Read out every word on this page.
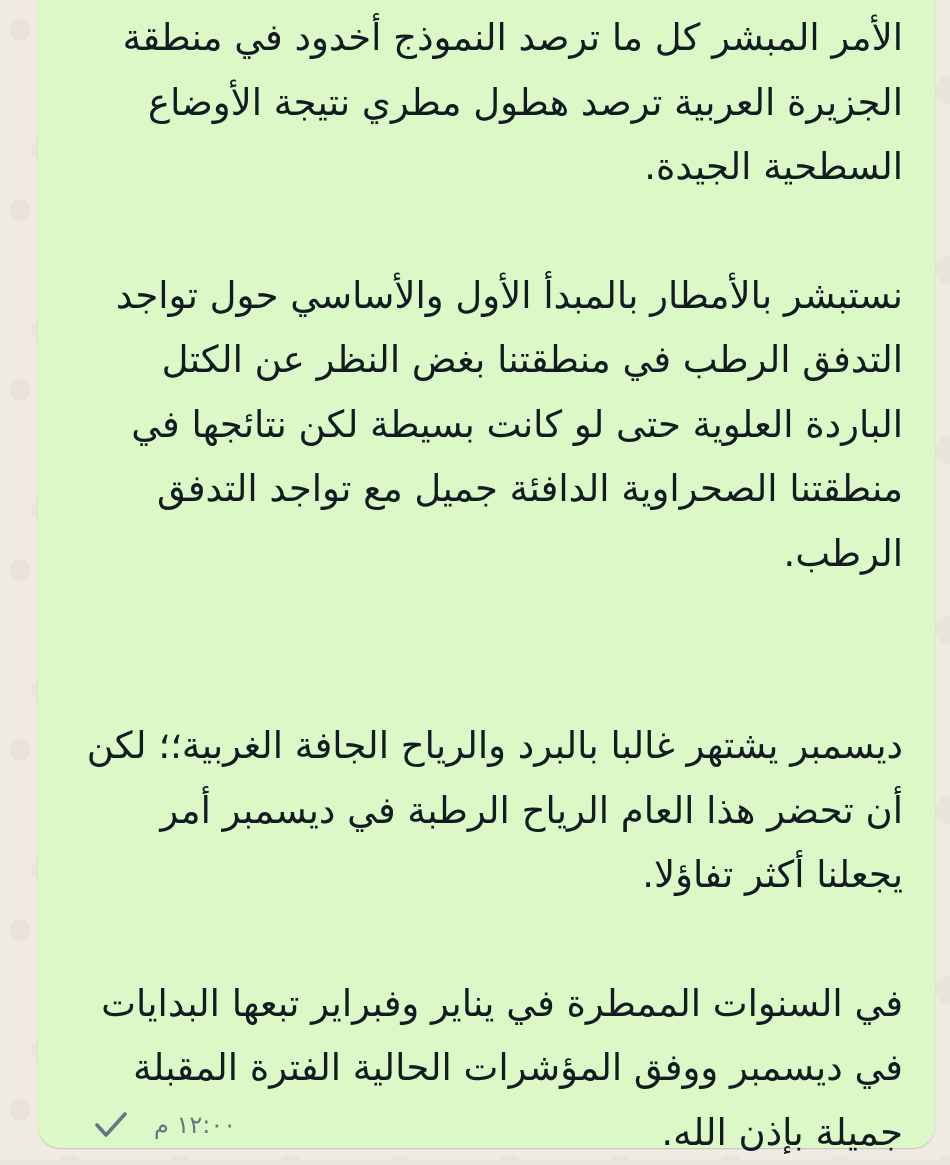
الأمر المبشر كل ما ترصد النموذج أخدود في منطقة الجزيرة العربية ترصد هطول مطري نتيجة الأوضاع السطحية الجيدة.

نستبشر بالأمطار بالمبدأ الأول والأساسي حول تواجد التدفق الرطب في منطقتنا بغض النظر عن الكتل الباردة العلوية حتى لو كانت بسيطة لكن نتائجها في منطقتنا الصحراوية الدافئة جميل مع تواجد التدفق الرطب.

ديسمبر يشتهر غالبا بالبرد والرياح الجافة الغربية؛؛ لكن أن تحضر هذا العام الرياح الرطبة في ديسمبر أمر يجعلنا أكثر تفاؤلا.

في السنوات الممطرة في يناير وفبراير تبعها البدايات في ديسمبر ووفق المؤشرات الحالية الفترة المقبلة جميلة بإذن الله.

١٢:٠٠ م
